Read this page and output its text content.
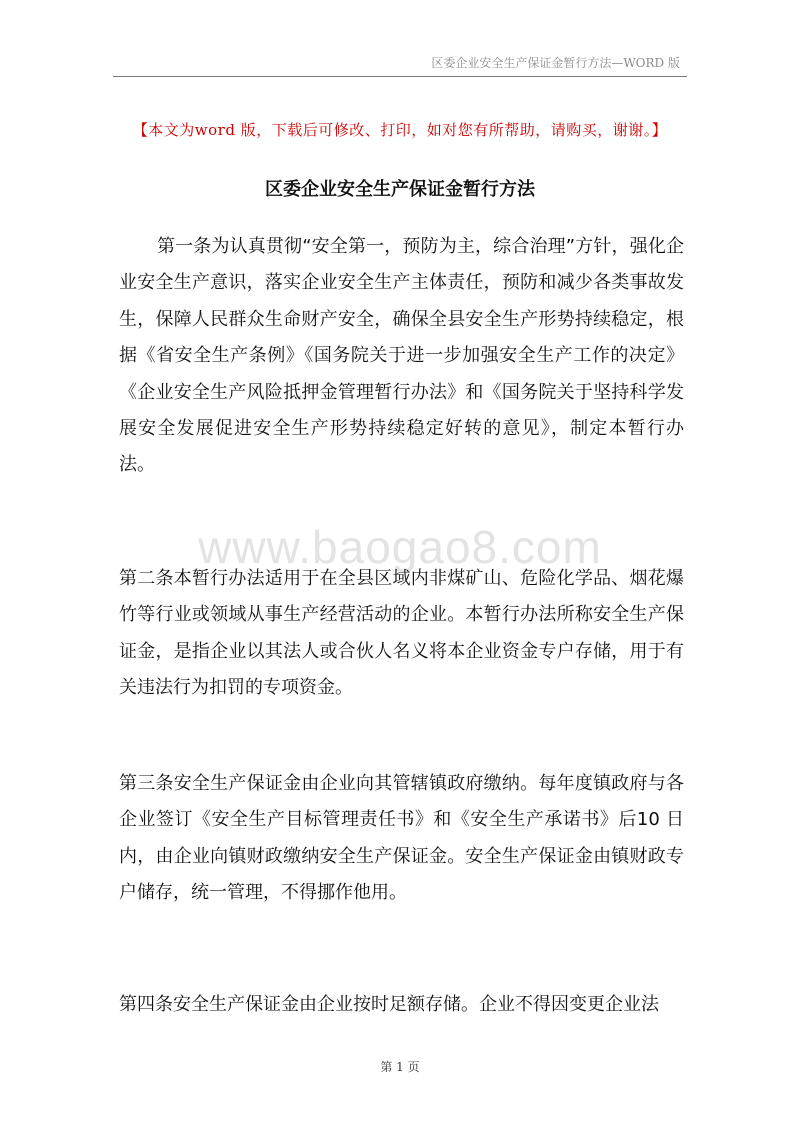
区委企业安全生产保证金暂行方法—WORD 版
【本文为word 版，下载后可修改、打印，如对您有所帮助，请购买，谢谢。】
区委企业安全生产保证金暂行方法

第一条为认真贯彻“安全第一，预防为主，综合治理”方针，强化企业安全生产意识，落实企业安全生产主体责任，预防和减少各类事故发生，保障人民群众生命财产安全，确保全县安全生产形势持续稳定，根据《省安全生产条例》《国务院关于进一步加强安全生产工作的决定》《企业安全生产风险抵押金管理暂行办法》和《国务院关于坚持科学发展安全发展促进安全生产形势持续稳定好转的意见》，制定本暂行办法。

www.baogao8.com

第二条本暂行办法适用于在全县区域内非煤矿山、危险化学品、烟花爆竹等行业或领域从事生产经营活动的企业。本暂行办法所称安全生产保证金，是指企业以其法人或合伙人名义将本企业资金专户存储，用于有关违法行为扣罚的专项资金。

第三条安全生产保证金由企业向其管辖镇政府缴纳。每年度镇政府与各企业签订《安全生产目标管理责任书》和《安全生产承诺书》后10 日内，由企业向镇财政缴纳安全生产保证金。安全生产保证金由镇财政专户储存，统一管理，不得挪作他用。

第四条安全生产保证金由企业按时足额存储。企业不得因变更企业法

第 1 页
